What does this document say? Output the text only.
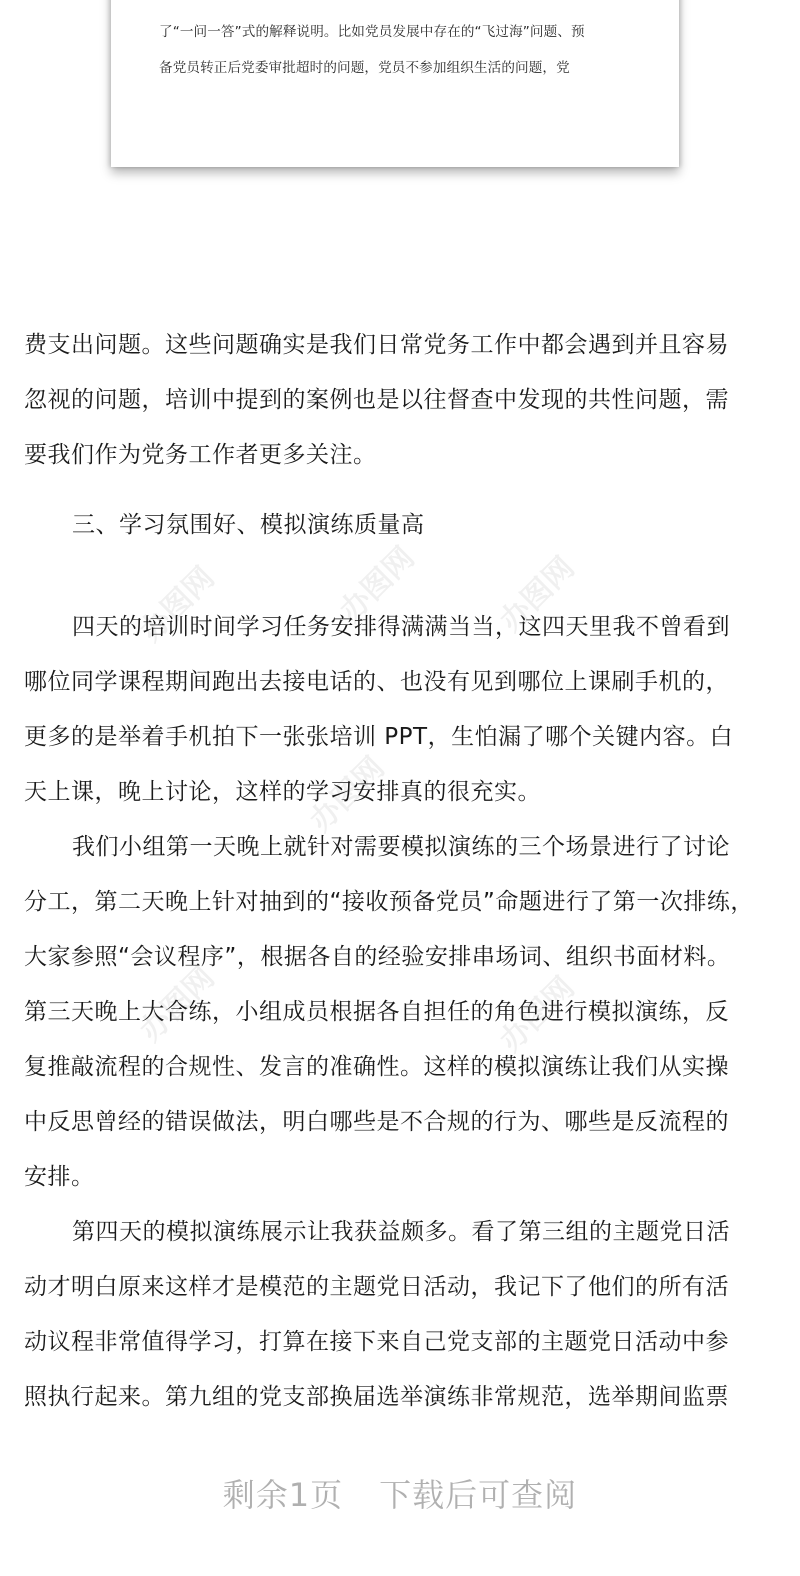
了“一问一答”式的解释说明。比如党员发展中存在的“飞过海”问题、预
备党员转正后党委审批超时的问题，党员不参加组织生活的问题，党
费支出问题。这些问题确实是我们日常党务工作中都会遇到并且容易
忽视的问题，培训中提到的案例也是以往督查中发现的共性问题，需
要我们作为党务工作者更多关注。
三、学习氛围好、模拟演练质量高
四天的培训时间学习任务安排得满满当当，这四天里我不曾看到
哪位同学课程期间跑出去接电话的、也没有见到哪位上课刷手机的，
更多的是举着手机拍下一张张培训 PPT，生怕漏了哪个关键内容。白
天上课，晚上讨论，这样的学习安排真的很充实。
我们小组第一天晚上就针对需要模拟演练的三个场景进行了讨论
分工，第二天晚上针对抽到的“接收预备党员”命题进行了第一次排练，
大家参照“会议程序”，根据各自的经验安排串场词、组织书面材料。
第三天晚上大合练，小组成员根据各自担任的角色进行模拟演练，反
复推敲流程的合规性、发言的准确性。这样的模拟演练让我们从实操
中反思曾经的错误做法，明白哪些是不合规的行为、哪些是反流程的
安排。
第四天的模拟演练展示让我获益颇多。看了第三组的主题党日活
动才明白原来这样才是模范的主题党日活动，我记下了他们的所有活
动议程非常值得学习，打算在接下来自己党支部的主题党日活动中参
照执行起来。第九组的党支部换届选举演练非常规范，选举期间监票
办图网	办图网 办图网
办图网
办图网
办图网
剩余1页 下载后可查阅
